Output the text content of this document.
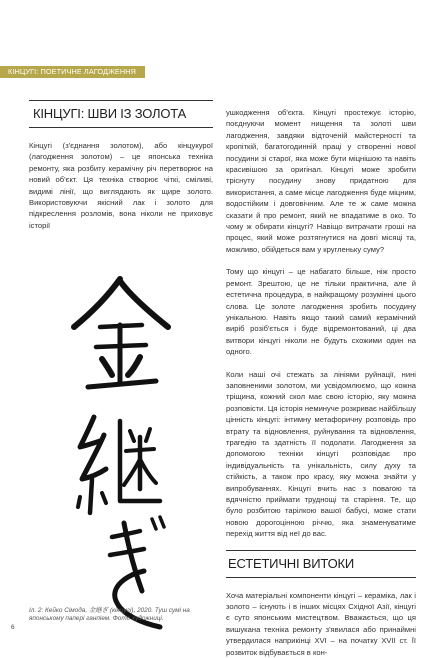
КІНЦУГІ: ПОЕТИЧНЕ ЛАГОДЖЕННЯ
КІНЦУГІ: ШВИ ІЗ ЗОЛОТА

Кінцугі (з'єднання золотом), або кінцукурої (лагодження золотом) – це японська техніка ремонту, яка розбиту керамічну річ перетворює на новий об'єкт. Ця техніка створює чіткі, сміливі, видимі лінії, що виглядають як щире золото. Використовуючи якісний лак і золото для підкреслення розломів, вона ніколи не приховує історії

Іл. 2: Кейко Сімода, 金継ぎ (кінцугі), 2020. Туш сумі на японському папері ганпіем. Фото художниці.
6

ушкодження об'єкта. Кінцугі простежує історію, поєднуючи момент нищення та золоті шви лагодження, завдяки відточеній майстерності та кропіткій, багатогодинній праці у створенні нової посудини зі старої, яка може бути міцнішою та навіть красивішою за оригінал. Кінцугі може зробити тріснуту посудину знову придатною для використання, а саме місце лагодження буде міцним, водостійким і довговічним. Але те ж саме можна сказати й про ремонт, який не впадатиме в око. То чому ж обирати кінцугі? Навіщо витрачати гроші на процес, який може розтягнутися на довгі місяці та, можливо, обійдеться вам у кругленьку суму?

Тому що кінцугі – це набагато більше, ніж просто ремонт. Зрештою, це не тільки практична, але й естетична процедура, в найкращому розумінні цього слова. Це золоте лагодження зробить посудину унікальною. Навіть якщо такий самий керамічний виріб розіб'ється і буде відремонтований, ці два витвори кінцугі ніколи не будуть схожими один на одного.

Коли наші очі стежать за лініями руйнації, нині заповненими золотом, ми усвідомлюємо, що кожна тріщина, кожний скол має свою історію, яку можна розповісти. Ця історія неминуче розкриває найбільшу цінність кінцугі: інтимну метафоричну розповідь про втрату та відновлення, руйнування та відновлення, трагедію та здатність її подолати. Лагодження за допомогою техніки кінцугі розповідає про індивідуальність та унікальність, силу духу та стійкість, а також про красу, яку можна знайти у випробуваннях. Кінцугі вчить нас з повагою та вдячністю приймати труднощі та старіння. Те, що було розбитою тарілкою вашої бабусі, може стати новою дорогоцінною річчю, яка знаменуватиме перехід життя від неї до вас.

ЕСТЕТИЧНІ ВИТОКИ

Хоча матеріальні компоненти кінцугі – кераміка, лак і золото – існують і в інших місцях Східної Азії, кінцугі є суто японським мистецтвом. Вважається, що ця вишукана техніка ремонту з'явилася або принаймні утвердилася наприкінці XVI – на початку XVII ст. Її розвиток відбувається в кон-
